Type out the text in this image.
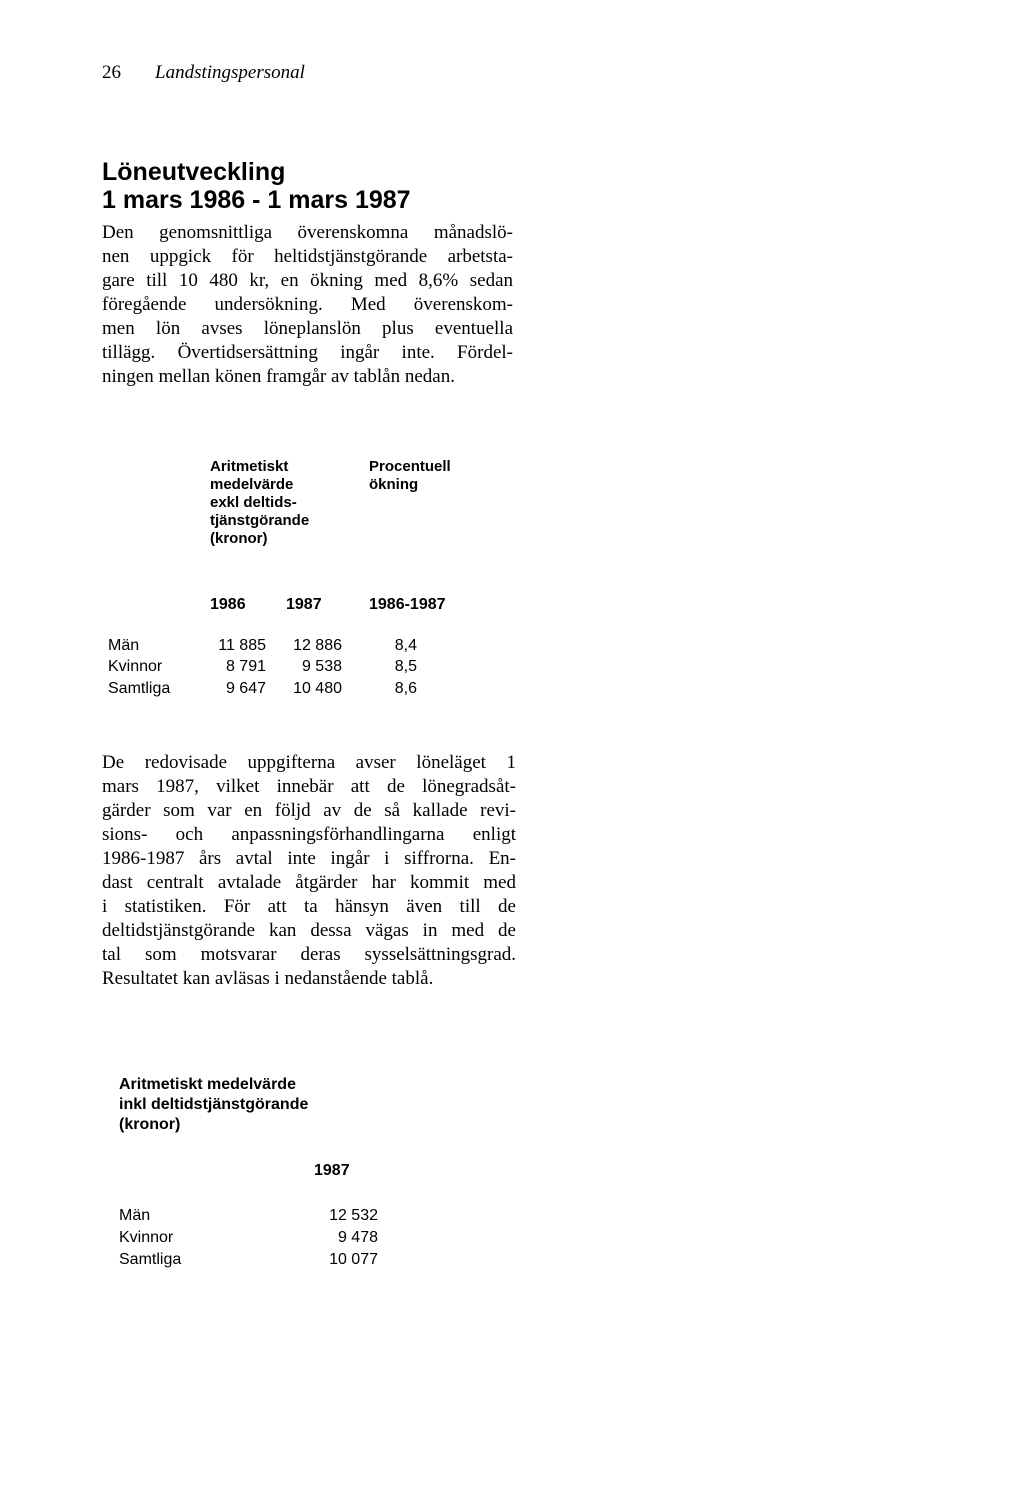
26 Landstingspersonal
Löneutveckling
1 mars 1986 - 1 mars 1987
Den genomsnittliga överenskomna månadslö-
nen uppgick för heltidstjänstgörande arbetsta-
gare till 10 480 kr, en ökning med 8,6% sedan
föregående undersökning. Med överenskom-
men lön avses löneplanslön plus eventuella
tillägg. Övertidsersättning ingår inte. Fördel-
ningen mellan könen framgår av tablån nedan.
Aritmetiskt
medelvärde
exkl deltids-
tjänstgörande
(kronor)
Procentuell
ökning
1986	1987	1986-1987
Män	11 885	12 886	8,4
Kvinnor	8 791	9 538	8,5
Samtliga	9 647	10 480	8,6
De redovisade uppgifterna avser löneläget 1
mars 1987, vilket innebär att de lönegradsåt-
gärder som var en följd av de så kallade revi-
sions- och anpassningsförhandlingarna enligt
1986-1987 års avtal inte ingår i siffrorna. En-
dast centralt avtalade åtgärder har kommit med
i statistiken. För att ta hänsyn även till de
deltidstjänstgörande kan dessa vägas in med de
tal som motsvarar deras sysselsättningsgrad.
Resultatet kan avläsas i nedanstående tablå.
Aritmetiskt medelvärde
inkl deltidstjänstgörande
(kronor)
1987
Män	12 532
Kvinnor	9 478
Samtliga	10 077
